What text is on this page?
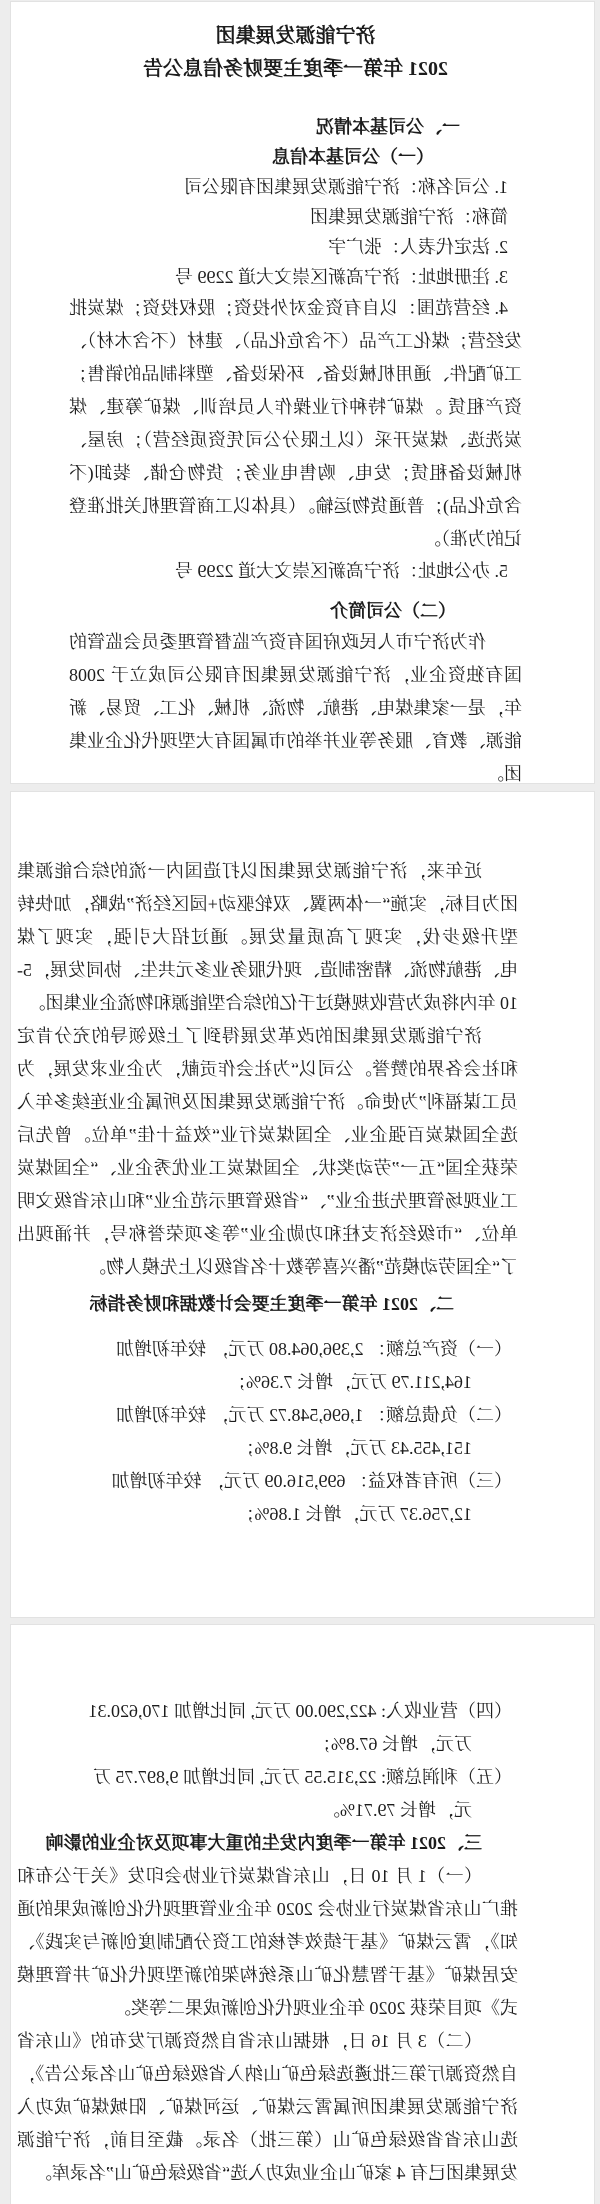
济宁能源发展集团
2021 年第一季度主要财务信息公告
一、公司基本情况
（一）公司基本信息
1. 公司名称：济宁能源发展集团有限公司
简称：济宁能源发展集团
2. 法定代表人：张广宇
3. 注册地址：济宁高新区崇文大道 2299 号
4. 经营范围：以自有资金对外投资；股权投资；煤炭批发经营；煤化工产品（不含危化品）、建材（不含木材）、工矿配件、通用机械设备、环保设备、塑料制品的销售；资产租赁 。煤矿特种行业操作人员培训、煤矿筹建、煤炭洗选、煤炭开采（以上限分公司凭资质经营）；房屋、机械设备租赁；发电、购售电业务；货物仓储、装卸(不含危化品)；普通货物运输。（具体以工商管理机关批准登记的为准）。
5. 办公地址：济宁高新区崇文大道 2299 号
（二）公司简介
作为济宁市人民政府国有资产监督管理委员会监管的国有独资企业，济宁能源发展集团有限公司成立于 2008 年，是一家集煤电、港航、物流、机械、化工、贸易、新能源、教育、服务等业并举的市属国有大型现代化企业集团。
近年来，济宁能源发展集团以打造国内一流的综合能源集团为目标，实施“一体两翼、双轮驱动+园区经济”战略，加快转型升级步伐，实现了高质量发展。通过招大引强，实现了煤电、港航物流、精密制造、现代服务业多元共生、协同发展，5-10 年内将成为营收规模过千亿的综合型能源和物流企业集团。
济宁能源发展集团的改革发展得到了上级领导的充分肯定和社会各界的赞誉。公司以“为社会作贡献，为企业求发展，为员工谋福利”为使命。济宁能源发展集团及所属企业连续多年入选全国煤炭百强企业、全国煤炭行业“效益十佳”单位。曾先后荣获全国“五一”劳动奖状、全国煤炭工业优秀企业、“全国煤炭工业现场管理先进企业”、“省级管理示范企业”和山东省级文明单位、“市级经济支柱和功勋企业”等多项荣誉称号，并涌现出了“全国劳动模范”潘兴喜等数十名省级以上先模人物。
二、2021 年第一季度主要会计数据和财务指标
（一）资产总额： 2,396,064.80 万元， 较年初增加
164,211.79 万元，增长 7.36%；
（二）负债总额： 1,696,548.72 万元， 较年初增加
151,455.43 万元，增长 9.8%；
（三）所有者权益： 699,516.09 万元， 较年初增加
12,756.37 万元，增长 1.86%；
（四）营业收入: 422,290.00 万元, 同比增加 170,620.31
万元，增长 67.8%；
（五）利润总额: 22,315.55 万元, 同比增加 9,897.75 万
元，增长 79.71%。
三、2021 年第一季度内发生的重大事项及对企业的影响
（一）1 月 10 日，山东省煤炭行业协会印发《关于公布和推广山东省煤炭行业协会 2020 年企业管理现代化创新成果的通知》，霄云煤矿《基于绩效考核的工资分配制度创新与实践》、安居煤矿《基于智慧化矿山系统构架的新型现代化矿井管理模式》项目荣获 2020 年企业现代化创新成果二等奖。
（二）3 月 16 日，根据山东省自然资源厅发布的《山东省自然资源厅第三批遴选绿色矿山纳入省级绿色矿山名录公告》，济宁能源发展集团所属霄云煤矿、运河煤矿、阳城煤矿成功入选山东省省级绿色矿山（第三批）名录。截至目前，济宁能源发展集团已有 4 家矿山企业成功入选“省级绿色矿山”名录库。
